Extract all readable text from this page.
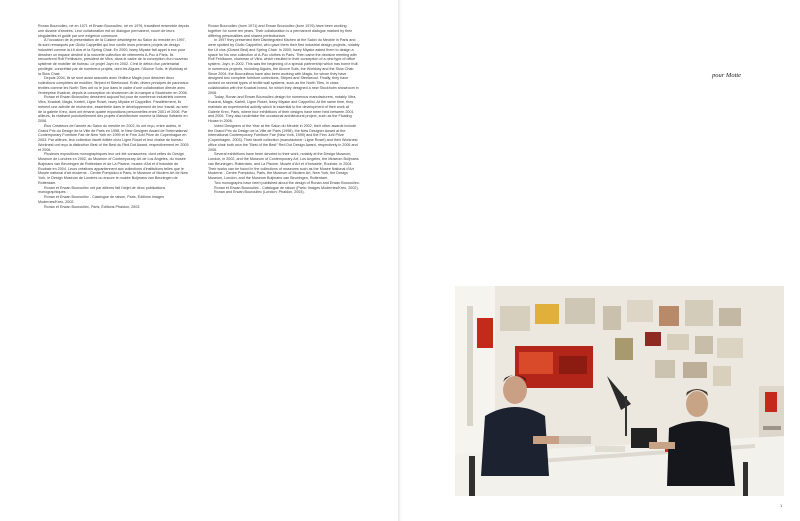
Ronan Bouroullec, né en 1971 et Erwan Bouroullec, né en 1976, travaillent ensemble depuis une dizaine d'années. Leur collaboration est un dialogue permanent, nourri de leurs singularités et guidé par une exigence commune.

À l'occasion de la présentation de la Cuisine désintégrée au Salon du meuble en 1997, ils sont remarqués par Giulio Cappellini qui leur confie leurs premiers projets de design industriel comme la Lit clos et la Spring Chair. En 2000, Issey Miyake fait appel à eux pour dessiner un espace destiné à la nouvelle collection de vêtements A-Poc à Paris. Ils rencontrent Rolf Fehlbaum, président de Vitra, dans le cadre de la conception d'un nouveau système de mobilier de bureau. Le projet Joyn en 2002. C'est le début d'un partenariat privilégié, concrétisé par de nombreux projets, dont les Algues, l'Alcove Sofa, le Workbay et la Slow Chair.

Depuis 2004, ils se sont aussi associés avec l'éditeur Magis pour dessiner deux collections complètes de mobilier, Striped et Steelwood. Enfin, divers principes de panneaux textiles comme les North Tiles ont vu le jour dans le cadre d'une collaboration directe avec l'entreprise Kvadrat, depuis la conception du showroom de la marque à Stockholm en 2006.

Ronan et Erwan Bouroullec dessinent aujourd'hui pour de nombreux industriels comme Vitra, Kvadrat, Magis, Kartell, Ligne Roset, Issey Miyake et Cappellini. Parallèlement, ils mènent une activité de recherche, essentielle dans le développement de leur travail, au sein de la galerie Kreo, dont ont émané quatre expositions personnelles entre 2001 et 2006. Par ailleurs, ils réalisent ponctuellement des projets d'architecture comme la Maison flottante en 2006.

Élus Créateurs de l'année au Salon du meuble en 2002, ils ont reçu, entre autres, le Grand Prix du Design de la Ville de Paris en 1998, le New Designer Award de l'International Contemporary Furniture Fair de New York en 1999 et le Finn Juhl Prize de Copenhague en 2003. Par ailleurs, leur collection facett éditée chez Ligne Roset et leur chaise de bureau Worknest ont reçu la distinction Best of the Best du Red Dot Award, respectivement en 2005 et 2006.

Plusieurs expositions monographiques leur ont été consacrées, dont celles du Design Museum de Londres en 2002, du Museum of Contemporary Art de Los Angeles, du musée Boijmans van Beuningen de Rotterdam et de La Piscine, musée d'Art et d'Industrie de Roubaix en 2004. Leurs créations appartiennent aux collections d'institutions telles que le Musée national d'art moderne - Centre Pompidou à Paris, le Museum of Modern Art de New York, le Design Museum de Londres ou encore le musée Boijmans van Beuningen de Rotterdam.

Ronan et Erwan Bouroullec ont par ailleurs fait l'objet de deux publications monographiques :

Ronan et Erwan Bouroullec - Catalogue de raison, Paris, Éditions Images Modernes/Kreo, 2002.

Ronan et Erwan Bouroullec, Paris, Éditions Phaidon, 2003.

Ronan Bouroullec (born 1971) and Erwan Bouroullec (born 1976) have been working together for some ten years. Their collaboration is a permanent dialogue marked by their differing personalities and shared perfectionism.

In 1997 they presented their Disintegrated Kitchen at the Salon du Meuble in Paris and were spotted by Giulio Cappellini, who gave them their first industrial design projects, notably the Lit clos (Closed Bed) and Spring Chair. In 2000, Issey Miyake asked them to design a space for his new collection of A-Poc clothes in Paris. Then came the decisive meeting with Rolf Fehlbaum, chairman of Vitra, which resulted in their conception of a new type of office system, Joyn, in 2002. This was the beginning of a special partnership which has borne fruit in numerous projects, including Algues, the Alcove Sofa, the Workbay and the Slow Chair. Since 2004, the Bouroullecs have also been working with Magis, for whom they have designed two complete furniture collections, Striped and Steelwood. Finally, they have worked on several types of textile wall systems, such as the North Tiles, in close collaboration with the Kvadrat brand, for which they designed a new Stockholm showroom in 2006.

Today, Ronan and Erwan Bouroullec design for numerous manufacturers, notably Vitra, Kvadrat, Magis, Kartell, Ligne Roset, Issey Miyake and Cappellini. At the same time, they maintain an experimental activity which is essential to the development of their work at Galerie Kreo, Paris, where four exhibitions of their designs have been held between 2001 and 2006. They also undertake the occasional architectural project, such as the Floating House in 2006.

Voted Designers of the Year at the Salon du Meuble in 2002, their other awards include the Grand Prix du Design de la Ville de Paris (1998), the New Designer Award at the International Contemporary Furniture Fair (New York, 1999) and the Finn Juhl Prize (Copenhagen, 2003). Their facett collection (manufacturer: Ligne Roset) and their Worknest office chair both won the "Best of the Best" Red Dot Design Award, respectively in 2005 and 2006.

Several exhibitions have been devoted to their work, notably at the Design Museum, London, in 2002, and the Museum of Contemporary Art, Los Angeles, the Museum Boijmans van Beuningen, Rotterdam, and La Piscine, Musée d'Art et d'Industrie, Roubaix, in 2004. Their works can be found in the collections of museums such as the Musée National d'Art Moderne - Centre Pompidou, Paris, the Museum of Modern Art, New York, the Design Museum, London, and the Museum Boijmans van Beuningen, Rotterdam.

Two monographs have been published about the design of Ronan and Erwan Bouroullec:

Ronan et Erwan Bouroullec - Catalogue de raison (Paris: Images Modernes/Kreo, 2002).

Ronan and Erwan Bouroullec (London: Phaidon, 2003).

pour Motte
1
